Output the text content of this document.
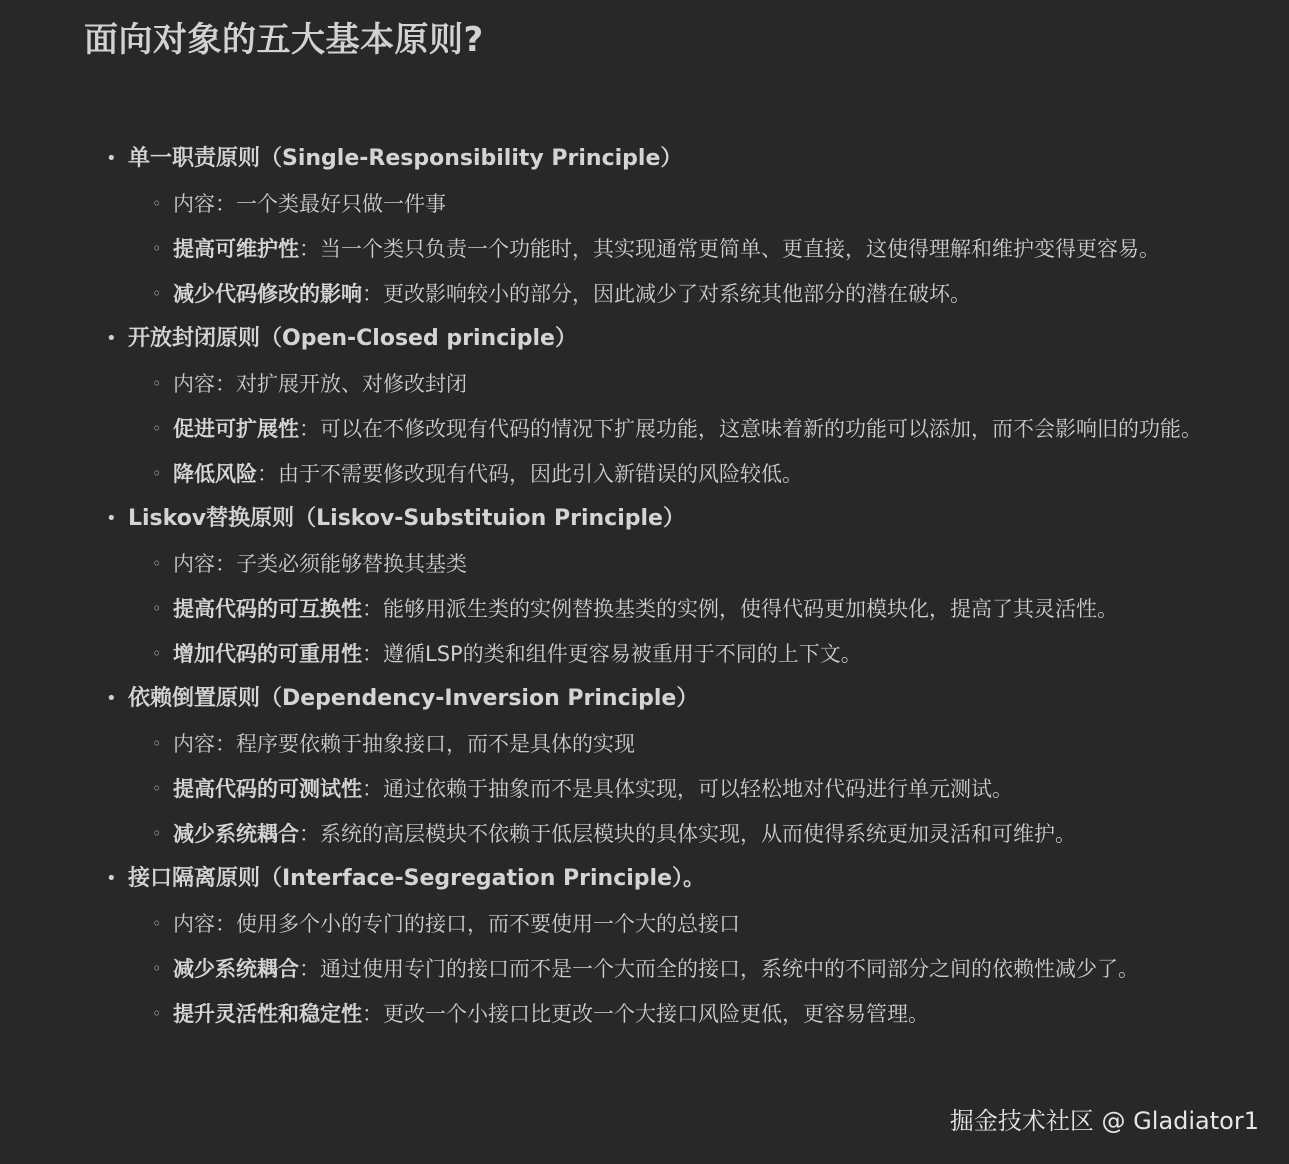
面向对象的五大基本原则?
• 单一职责原则（Single-Responsibility Principle）
◦ 内容：一个类最好只做一件事
◦ 提高可维护性：当一个类只负责一个功能时，其实现通常更简单、更直接，这使得理解和维护变得更容易。
◦ 减少代码修改的影响：更改影响较小的部分，因此减少了对系统其他部分的潜在破坏。
• 开放封闭原则（Open-Closed principle）
◦ 内容：对扩展开放、对修改封闭
◦ 促进可扩展性：可以在不修改现有代码的情况下扩展功能，这意味着新的功能可以添加，而不会影响旧的功能。
◦ 降低风险：由于不需要修改现有代码，因此引入新错误的风险较低。
• Liskov替换原则（Liskov-Substituion Principle）
◦ 内容：子类必须能够替换其基类
◦ 提高代码的可互换性：能够用派生类的实例替换基类的实例，使得代码更加模块化，提高了其灵活性。
◦ 增加代码的可重用性：遵循LSP的类和组件更容易被重用于不同的上下文。
• 依赖倒置原则（Dependency-Inversion Principle）
◦ 内容：程序要依赖于抽象接口，而不是具体的实现
◦ 提高代码的可测试性：通过依赖于抽象而不是具体实现，可以轻松地对代码进行单元测试。
◦ 减少系统耦合：系统的高层模块不依赖于低层模块的具体实现，从而使得系统更加灵活和可维护。
• 接口隔离原则（Interface-Segregation Principle）。
◦ 内容：使用多个小的专门的接口，而不要使用一个大的总接口
◦ 减少系统耦合：通过使用专门的接口而不是一个大而全的接口，系统中的不同部分之间的依赖性减少了。
◦ 提升灵活性和稳定性：更改一个小接口比更改一个大接口风险更低，更容易管理。
掘金技术社区 @ Gladiator1
